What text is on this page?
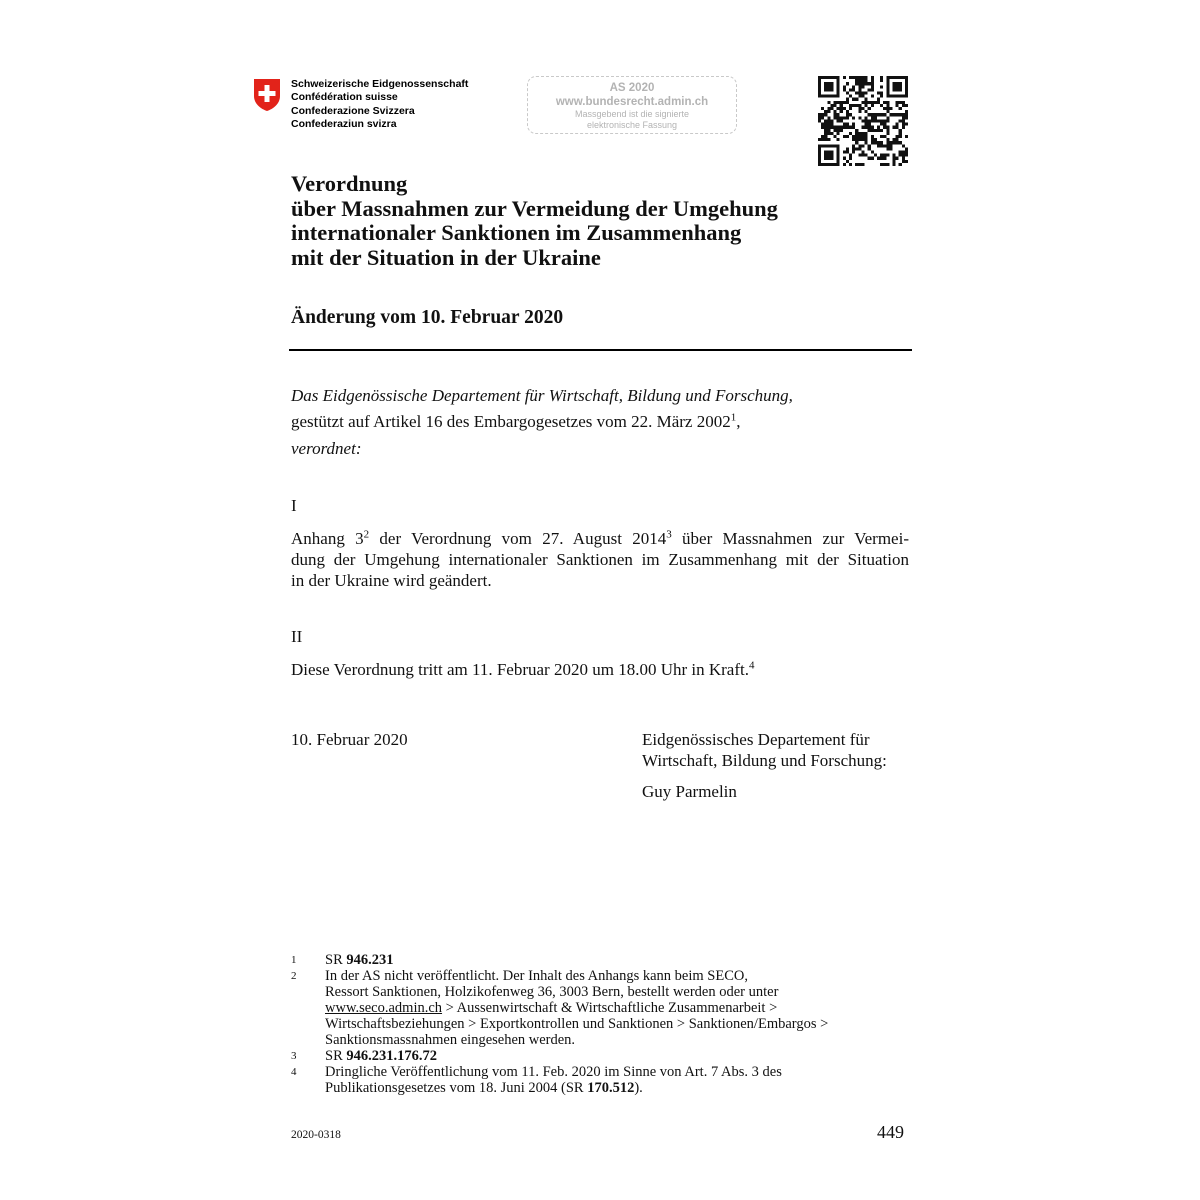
Schweizerische Eidgenossenschaft
Confédération suisse
Confederazione Svizzera
Confederaziun svizra
AS 2020
www.bundesrecht.admin.ch
Massgebend ist die signierte
elektronische Fassung
Verordnung
über Massnahmen zur Vermeidung der Umgehung
internationaler Sanktionen im Zusammenhang
mit der Situation in der Ukraine
Änderung vom 10. Februar 2020
Das Eidgenössische Departement für Wirtschaft, Bildung und Forschung,
gestützt auf Artikel 16 des Embargogesetzes vom 22. März 2002$^1$,
verordnet:
I
Anhang $3^2$ der Verordnung vom 27. August 2014$^3$ über Massnahmen zur Vermei-
dung der Umgehung internationaler Sanktionen im Zusammenhang mit der Situation
in der Ukraine wird geändert.
II
Diese Verordnung tritt am 11. Februar 2020 um 18.00 Uhr in Kraft.$^4$
10. Februar 2020	Eidgenössisches Departement für
Wirtschaft, Bildung und Forschung:
Guy Parmelin
1	SR 946.231
2	In der AS nicht veröffentlicht. Der Inhalt des Anhangs kann beim SECO,
Ressort Sanktionen, Holzikofenweg 36, 3003 Bern, bestellt werden oder unter
www.seco.admin.ch > Aussenwirtschaft & Wirtschaftliche Zusammenarbeit >
Wirtschaftsbeziehungen > Exportkontrollen und Sanktionen > Sanktionen/Embargos >
Sanktionsmassnahmen eingesehen werden.
3	SR 946.231.176.72
4	Dringliche Veröffentlichung vom 11. Feb. 2020 im Sinne von Art. 7 Abs. 3 des
Publikationsgesetzes vom 18. Juni 2004 (SR 170.512).
2020-0318	449
